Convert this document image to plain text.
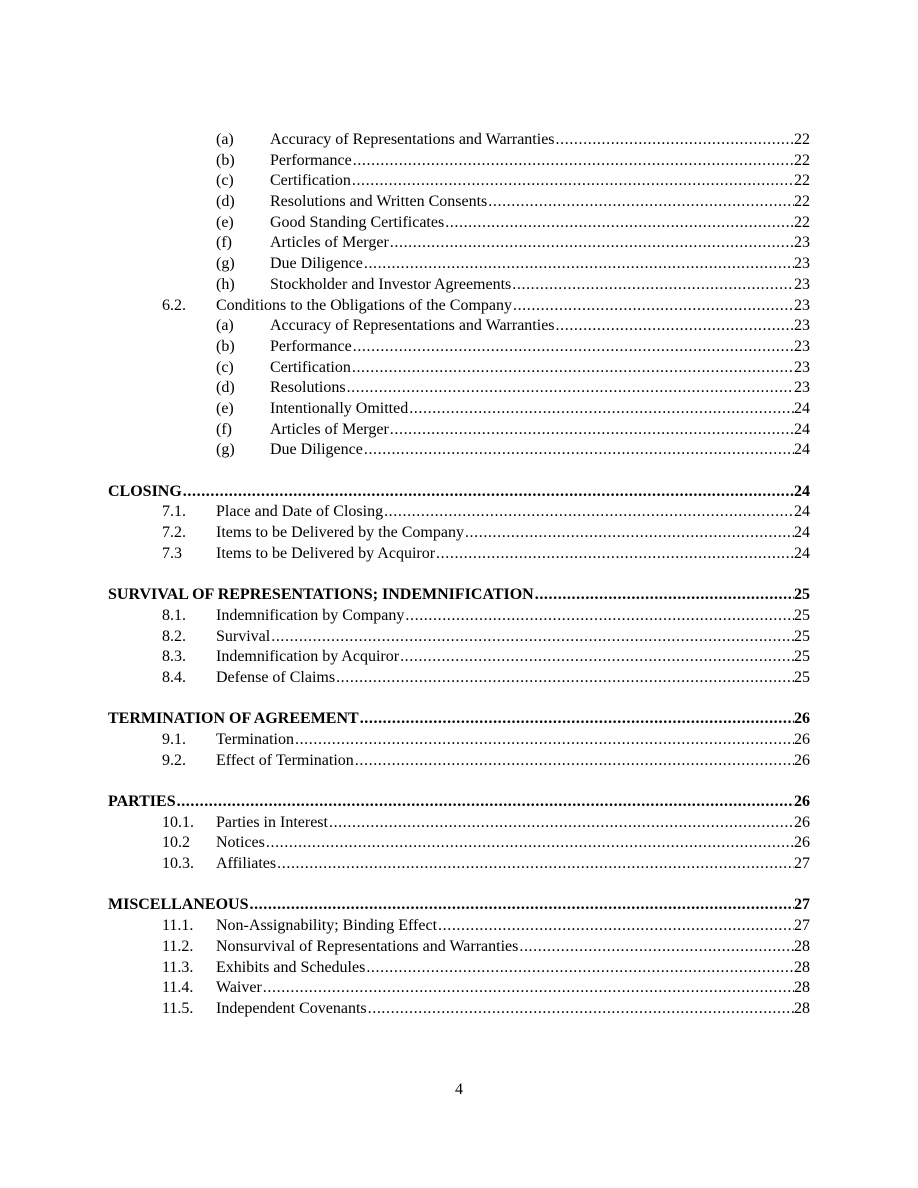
(a) Accuracy of Representations and Warranties .....	22
(b) Performance .....	22
(c) Certification .....	22
(d) Resolutions and Written Consents .....	22
(e) Good Standing Certificates .....	22
(f) Articles of Merger .....	23
(g) Due Diligence .....	23
(h) Stockholder and Investor Agreements .....	23
6.2. Conditions to the Obligations of the Company .....	23
(a) Accuracy of Representations and Warranties .....	23
(b) Performance .....	23
(c) Certification .....	23
(d) Resolutions .....	23
(e) Intentionally Omitted .....	24
(f) Articles of Merger .....	24
(g) Due Diligence .....	24
CLOSING .....	24
7.1. Place and Date of Closing .....	24
7.2. Items to be Delivered by the Company .....	24
7.3 Items to be Delivered by Acquiror .....	24
SURVIVAL OF REPRESENTATIONS; INDEMNIFICATION .....	25
8.1. Indemnification by Company .....	25
8.2. Survival .....	25
8.3. Indemnification by Acquiror .....	25
8.4. Defense of Claims .....	25
TERMINATION OF AGREEMENT .....	26
9.1. Termination .....	26
9.2. Effect of Termination .....	26
PARTIES .....	26
10.1. Parties in Interest .....	26
10.2 Notices .....	26
10.3. Affiliates .....	27
MISCELLANEOUS .....	27
11.1. Non-Assignability; Binding Effect .....	27
11.2. Nonsurvival of Representations and Warranties .....	28
11.3. Exhibits and Schedules .....	28
11.4. Waiver .....	28
11.5. Independent Covenants .....	28
4
